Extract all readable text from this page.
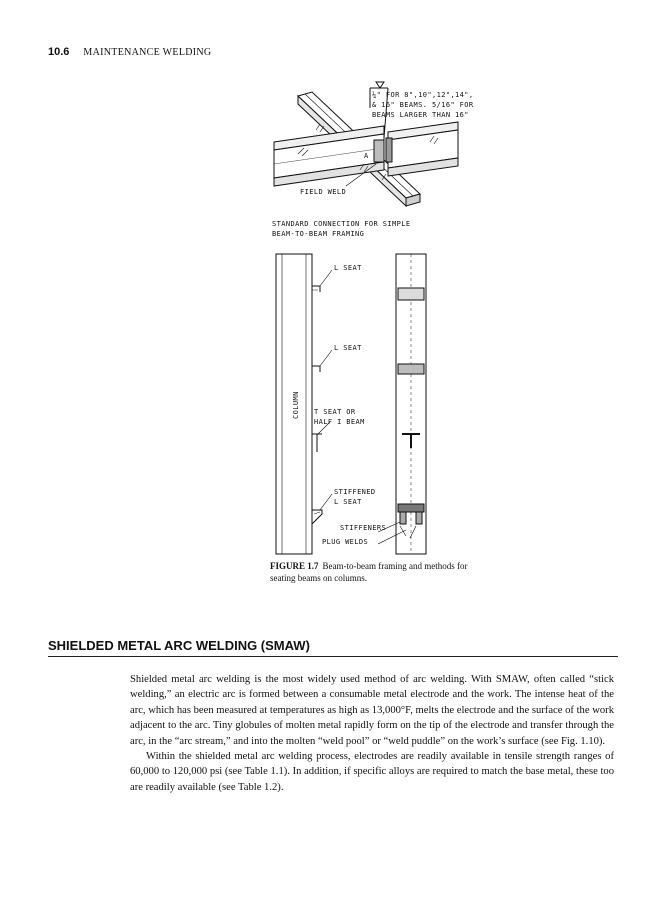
10.6 MAINTENANCE WELDING
¼" FOR 8",10",12",14",
& 16" BEAMS. 5/16" FOR
BEAMS LARGER THAN 16"
A
FIELD WELD
STANDARD CONNECTION FOR SIMPLE
BEAM-TO-BEAM FRAMING
L SEAT
L SEAT
T SEAT OR
HALF I BEAM
STIFFENED
L SEAT
STIFFENERS
PLUG WELDS
COLUMN
FIGURE 1.7 Beam-to-beam framing and methods for seating beams on columns.
SHIELDED METAL ARC WELDING (SMAW)

Shielded metal arc welding is the most widely used method of arc welding. With SMAW, often called “stick welding,” an electric arc is formed between a consumable metal electrode and the work. The intense heat of the arc, which has been measured at temperatures as high as 13,000°F, melts the electrode and the surface of the work adjacent to the arc. Tiny globules of molten metal rapidly form on the tip of the electrode and transfer through the arc, in the “arc stream,” and into the molten “weld pool” or “weld puddle” on the work’s surface (see Fig. 1.10).

Within the shielded metal arc welding process, electrodes are readily available in tensile strength ranges of 60,000 to 120,000 psi (see Table 1.1). In addition, if specific alloys are required to match the base metal, these too are readily available (see Table 1.2).
